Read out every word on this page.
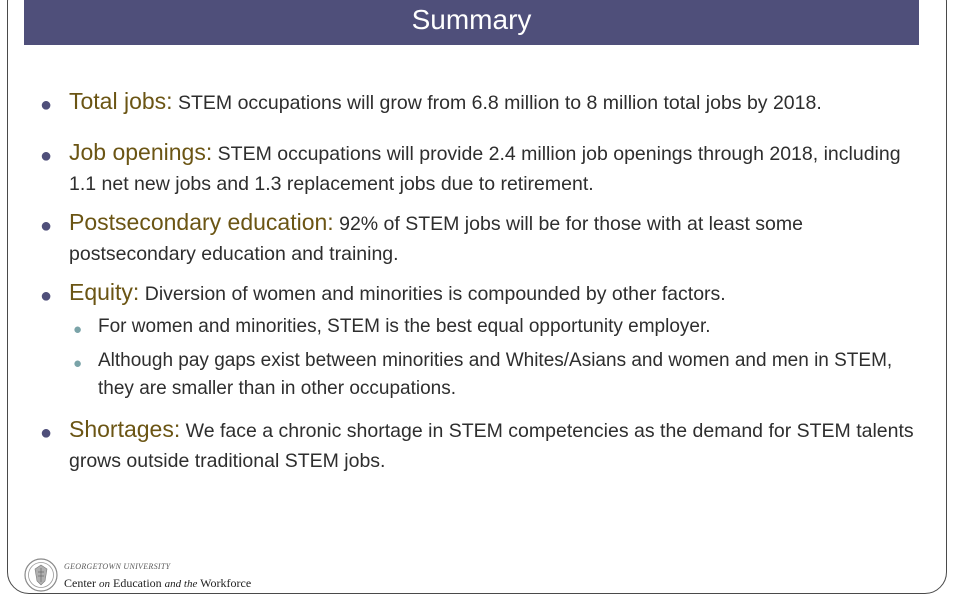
Summary
● Total jobs: STEM occupations will grow from 6.8 million to 8 million total jobs by 2018.
● Job openings: STEM occupations will provide 2.4 million job openings through 2018, including 1.1 net new jobs and 1.3 replacement jobs due to retirement.
● Postsecondary education: 92% of STEM jobs will be for those with at least some postsecondary education and training.
● Equity: Diversion of women and minorities is compounded by other factors.
● For women and minorities, STEM is the best equal opportunity employer.
● Although pay gaps exist between minorities and Whites/Asians and women and men in STEM, they are smaller than in other occupations.
● Shortages: We face a chronic shortage in STEM competencies as the demand for STEM talents grows outside traditional STEM jobs.
GEORGETOWN UNIVERSITY
Center on Education and the Workforce
